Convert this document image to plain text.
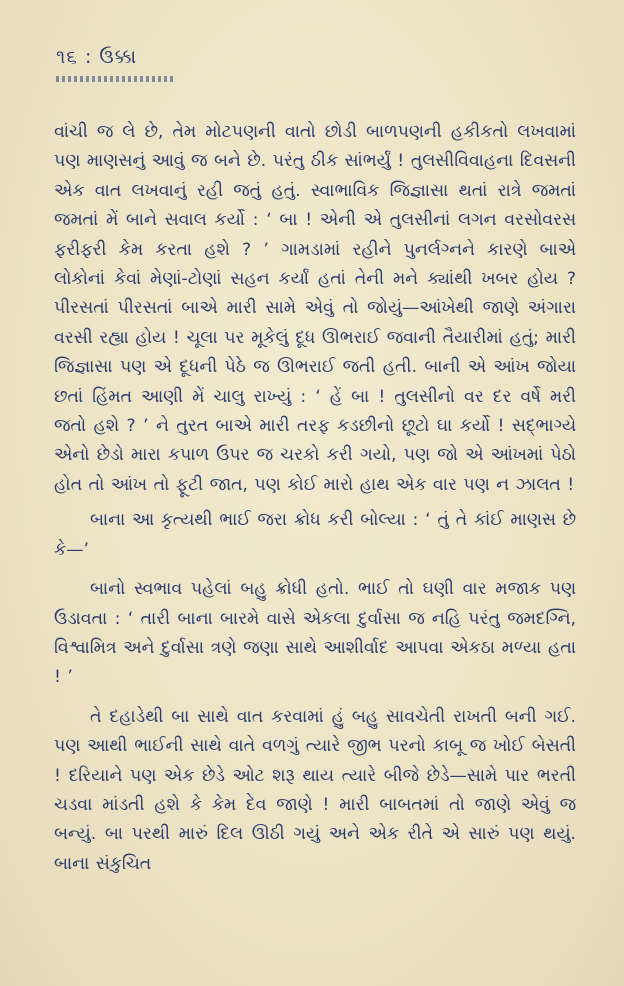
૧૬ : ઉક્કા

વાંચી જ લે છે, તેમ મોટપણની વાતો છોડી બાળપણની હકીકતો લખવામાં પણ માણસનું આવું જ બને છે. પરંતુ ઠીક સાંભર્યું ! તુલસીવિવાહના દિવસની એક વાત લખવાનું રહી જતું હતું. સ્વાભાવિક જિજ્ઞાસા થતાં રાત્રે જમતાં જમતાં મેં બાને સવાલ કર્યો : ‘ બા ! એની એ તુલસીનાં લગન વરસોવરસ ફરીફરી કેમ કરતા હશે ? ’ ગામડામાં રહીને પુનર્લગ્નને કારણે બાએ લોકોનાં કેવાં મેણાં-ટોણાં સહન કર્યાં હતાં તેની મને ક્યાંથી ખબર હોય ? પીરસતાં પીરસતાં બાએ મારી સામે એવું તો જોયું—આંખેથી જાણે અંગારા વરસી રહ્યા હોય ! ચૂલા પર મૂકેલું દૂધ ઊભરાઈ જવાની તૈયારીમાં હતું; મારી જિજ્ઞાસા પણ એ દૂધની પેઠે જ ઊભરાઈ જતી હતી. બાની એ આંખ જોયા છતાં હિંમત આણી મેં ચાલુ રાખ્યું : ‘ હેં બા ! તુલસીનો વર દર વર્ષે મરી જતો હશે ? ’ ને તુરત બાએ મારી તરફ કડછીનો છૂટો ઘા કર્યો ! સદ્ભાગ્યે એનો છેડો મારા કપાળ ઉપર જ ચરકો કરી ગયો, પણ જો એ આંખમાં પેઠો હોત તો આંખ તો ફૂટી જાત, પણ કોઈ મારો હાથ એક વાર પણ ન ઝાલત !

બાના આ કૃત્યથી ભાઈ જરા ક્રોધ કરી બોલ્યા : ‘ તું તે કાંઈ માણસ છે કે—’

બાનો સ્વભાવ પહેલાં બહુ ક્રોધી હતો. ભાઈ તો ઘણી વાર મજાક પણ ઉડાવતા : ‘ તારી બાના બારમે વાસે એકલા દુર્વાસા જ નહિ પરંતુ જમદગ્નિ, વિશ્વામિત્ર અને દુર્વાસા ત્રણે જણા સાથે આશીર્વાદ આપવા એકઠા મળ્યા હતા ! ’

તે દહાડેથી બા સાથે વાત કરવામાં હું બહુ સાવચેતી રાખતી બની ગઈ. પણ આથી ભાઈની સાથે વાતે વળગું ત્યારે જીભ પરનો કાબૂ જ ખોઈ બેસતી ! દરિયાને પણ એક છેડે ઓટ શરૂ થાય ત્યારે બીજે છેડે—સામે પાર ભરતી ચડવા માંડતી હશે કે કેમ દેવ જાણે ! મારી બાબતમાં તો જાણે એવું જ બન્યું. બા પરથી મારું દિલ ઊઠી ગયું અને એક રીતે એ સારું પણ થયું. બાના સંકુચિત
